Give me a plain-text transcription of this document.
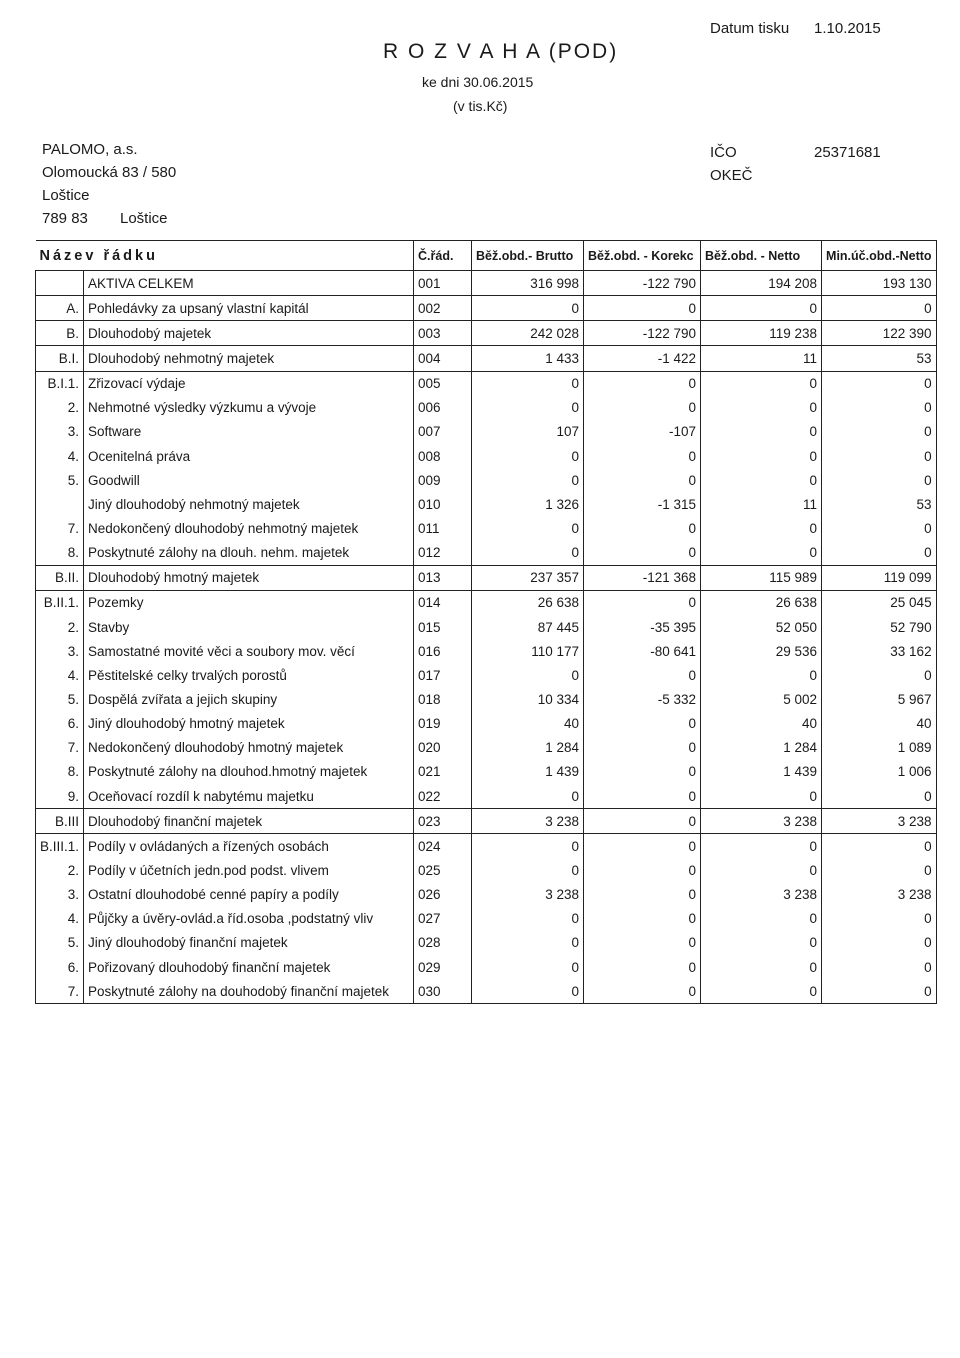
R O Z V A H A (POD)
ke dni 30.06.2015
(v tis.Kč)
Datum tisku 1.10.2015
PALOMO, a.s.
Olomoucká 83 / 580
Loštice
789 83 Loštice
IČO	25371681
OKEČ
Název řádku		Č.řád.	Běž.obd.- Brutto	Běž.obd. - Korekc	Běž.obd. - Netto	Min.úč.obd.-Netto
	AKTIVA CELKEM	001	316 998	-122 790	194 208	193 130
A.	Pohledávky za upsaný vlastní kapitál	002	0	0	0	0
B.	Dlouhodobý majetek	003	242 028	-122 790	119 238	122 390
B.I.	Dlouhodobý nehmotný majetek	004	1 433	-1 422	11	53
B.I.1.	Zřizovací výdaje	005	0	0	0	0
2.	Nehmotné výsledky výzkumu a vývoje	006	0	0	0	0
3.	Software	007	107	-107	0	0
4.	Ocenitelná práva	008	0	0	0	0
5.	Goodwill	009	0	0	0	0
	Jiný dlouhodobý nehmotný majetek	010	1 326	-1 315	11	53
7.	Nedokončený dlouhodobý nehmotný majetek	011	0	0	0	0
8.	Poskytnuté zálohy na dlouh. nehm. majetek	012	0	0	0	0
B.II.	Dlouhodobý hmotný majetek	013	237 357	-121 368	115 989	119 099
B.II.1.	Pozemky	014	26 638	0	26 638	25 045
2.	Stavby	015	87 445	-35 395	52 050	52 790
3.	Samostatné movité věci a soubory mov. věcí	016	110 177	-80 641	29 536	33 162
4.	Pěstitelské celky trvalých porostů	017	0	0	0	0
5.	Dospělá zvířata a jejich skupiny	018	10 334	-5 332	5 002	5 967
6.	Jiný dlouhodobý hmotný majetek	019	40	0	40	40
7.	Nedokončený dlouhodobý hmotný majetek	020	1 284	0	1 284	1 089
8.	Poskytnuté zálohy na dlouhod.hmotný majetek	021	1 439	0	1 439	1 006
9.	Oceňovací rozdíl k nabytému majetku	022	0	0	0	0
B.III	Dlouhodobý finanční majetek	023	3 238	0	3 238	3 238
B.III.1.	Podíly v ovládaných a řízených osobách	024	0	0	0	0
2.	Podíly v účetních jedn.pod podst. vlivem	025	0	0	0	0
3.	Ostatní dlouhodobé cenné papíry a podíly	026	3 238	0	3 238	3 238
4.	Půjčky a úvěry-ovlád.a říd.osoba ,podstatný vliv	027	0	0	0	0
5.	Jiný dlouhodobý finanční majetek	028	0	0	0	0
6.	Pořizovaný dlouhodobý finanční majetek	029	0	0	0	0
7.	Poskytnuté zálohy na douhodobý finanční majetek	030	0	0	0	0
